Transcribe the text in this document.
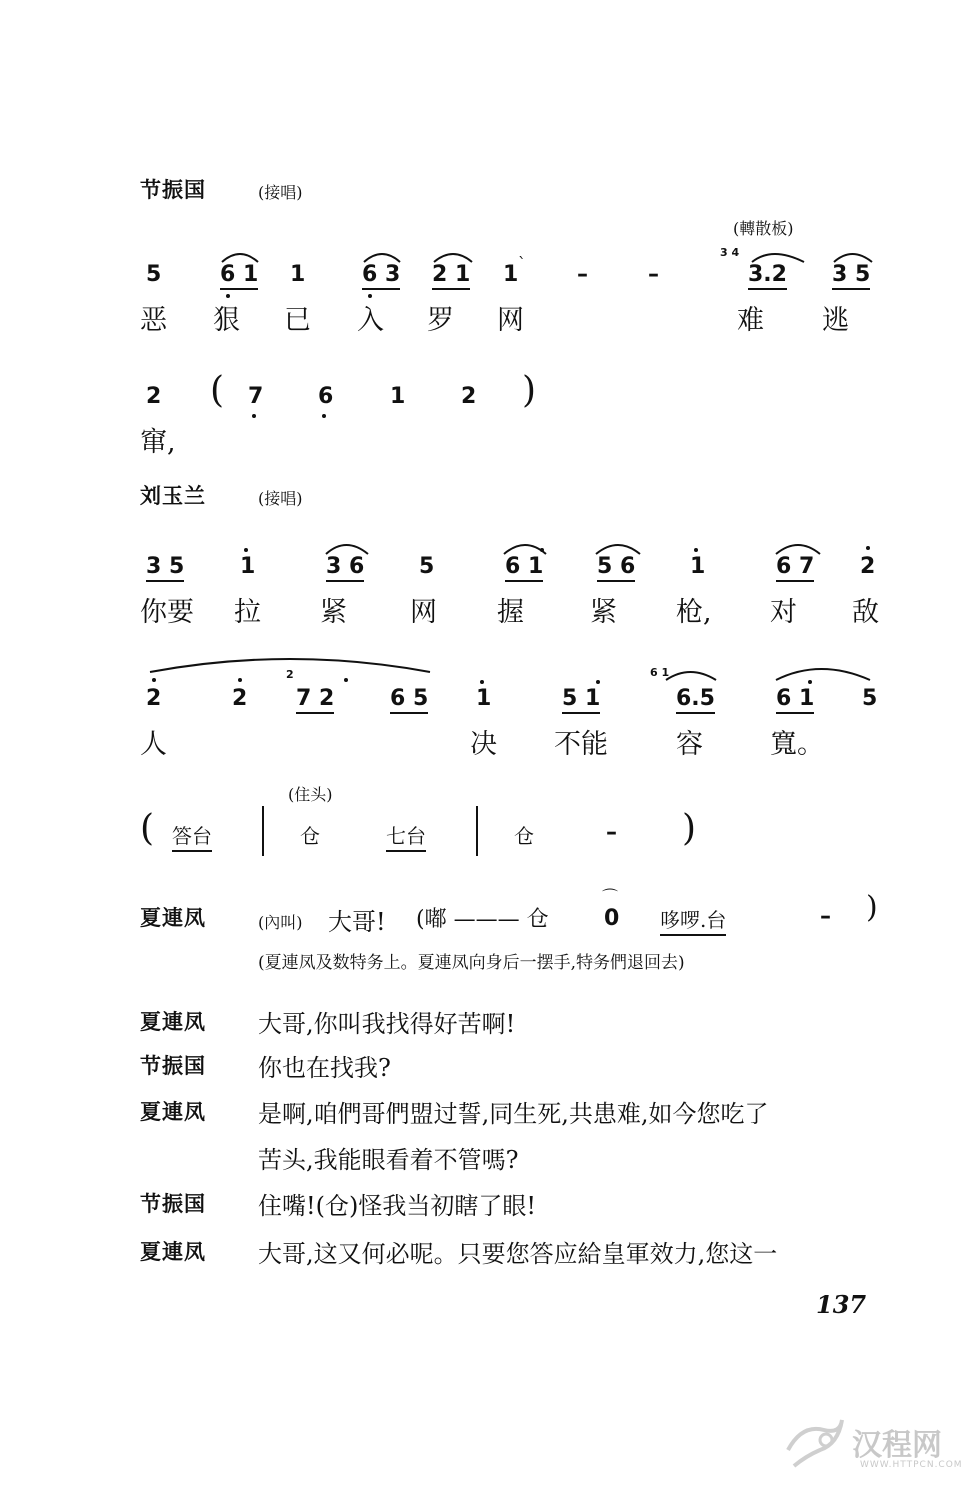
节振国	(接唱)
(轉散板)
5	6 1 1	6 3 2 1 1 ` –	–
3 4
3.2 3 5
恶 狠 已 入 罗 网	难 逃
2 ( 7 6	1	2 )
窜,
刘玉兰	(接唱)
3 5	1	3 6 5	6 1 5 6 1	6 7 2
你要 拉 紧 网 握 紧 枪, 对 敌
2	2
2
7 2	6 5 1	5 1
6 1
6.5	6 1 5
人	决 不能	容 寬。
(住头)
( 答台	仓	七台	仓	– )
夏連凤	(內叫) 大哥! (嘟 ——— 仓
⌒
0 哆啰.台	– )
(夏連凤及数特务上。夏連凤向身后一摆手,特务們退回去)
夏連凤 大哥,你叫我找得好苦啊!
节振国 你也在找我?
夏連凤 是啊,咱們哥們盟过誓,同生死,共患难,如今您吃了
苦头,我能眼看着不管嗎?
节振国 住嘴!(仓)怪我当初瞎了眼!
夏連凤 大哥,这又何必呢。只要您答应給皇軍效力,您这一
137
汉程网
WWW.HTTPCN.COM
